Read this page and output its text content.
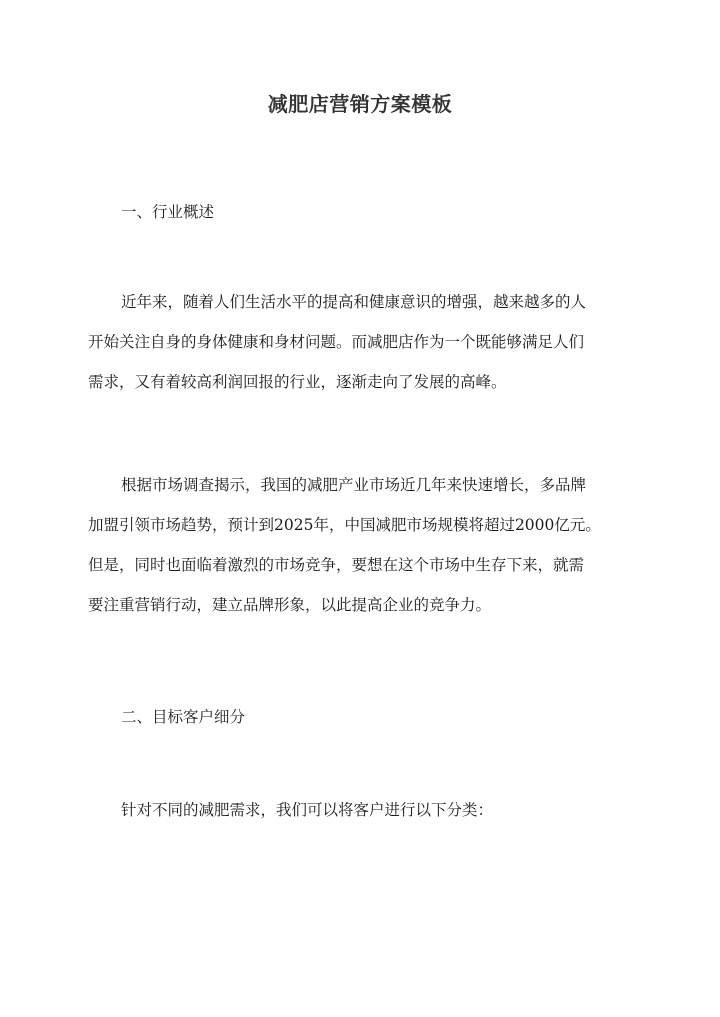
减肥店营销方案模板
一、行业概述
近年来，随着人们生活水平的提高和健康意识的增强，越来越多的人
开始关注自身的身体健康和身材问题。而减肥店作为一个既能够满足人们
需求，又有着较高利润回报的行业，逐渐走向了发展的高峰。
根据市场调查揭示，我国的减肥产业市场近几年来快速增长，多品牌
加盟引领市场趋势，预计到2025年，中国减肥市场规模将超过2000亿元。
但是，同时也面临着激烈的市场竞争，要想在这个市场中生存下来，就需
要注重营销行动，建立品牌形象，以此提高企业的竞争力。
二、目标客户细分
针对不同的减肥需求，我们可以将客户进行以下分类：
